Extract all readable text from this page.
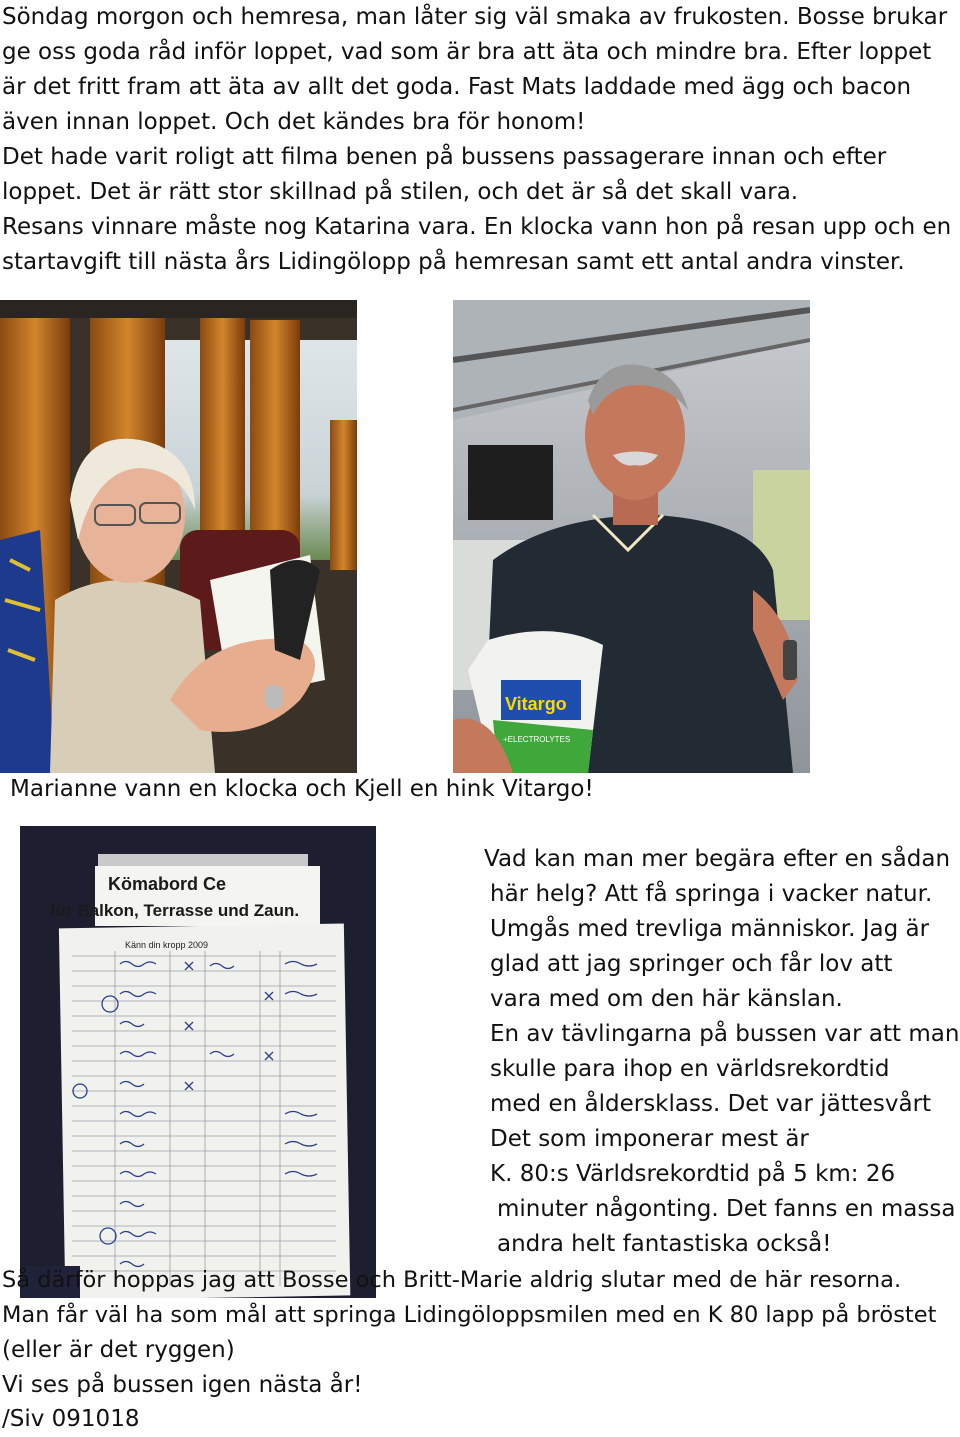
Söndag morgon och hemresa, man låter sig väl smaka av frukosten. Bosse brukar
ge oss goda råd inför loppet, vad som är bra att äta och mindre bra. Efter loppet
är det fritt fram att äta av allt det goda. Fast Mats laddade med ägg och bacon
även innan loppet. Och det kändes bra för honom!
Det hade varit roligt att filma benen på bussens passagerare innan och efter
loppet. Det är rätt stor skillnad på stilen, och det är så det skall vara.
Resans vinnare måste nog Katarina vara. En klocka vann hon på resan upp och en
startavgift till nästa års Lidingölopp på hemresan samt ett antal andra vinster.
Vitargo
+ELECTROLYTES
Marianne vann en klocka och Kjell en hink Vitargo!
Kömabord Ce
für Balkon, Terrasse und Zaun.
Känn din kropp 2009
Vad kan man mer begära efter en sådan
här helg? Att få springa i vacker natur.
Umgås med trevliga människor. Jag är
glad att jag springer och får lov att
vara med om den här känslan.
En av tävlingarna på bussen var att man
skulle para ihop en världsrekordtid
med en åldersklass. Det var jättesvårt
Det som imponerar mest är
K. 80:s Världsrekordtid på 5 km: 26
minuter någonting. Det fanns en massa
andra helt fantastiska också!
Så därför hoppas jag att Bosse och Britt-Marie aldrig slutar med de här resorna.
Man får väl ha som mål att springa Lidingöloppsmilen med en K 80 lapp på bröstet
(eller är det ryggen)
Vi ses på bussen igen nästa år!
/Siv 091018
